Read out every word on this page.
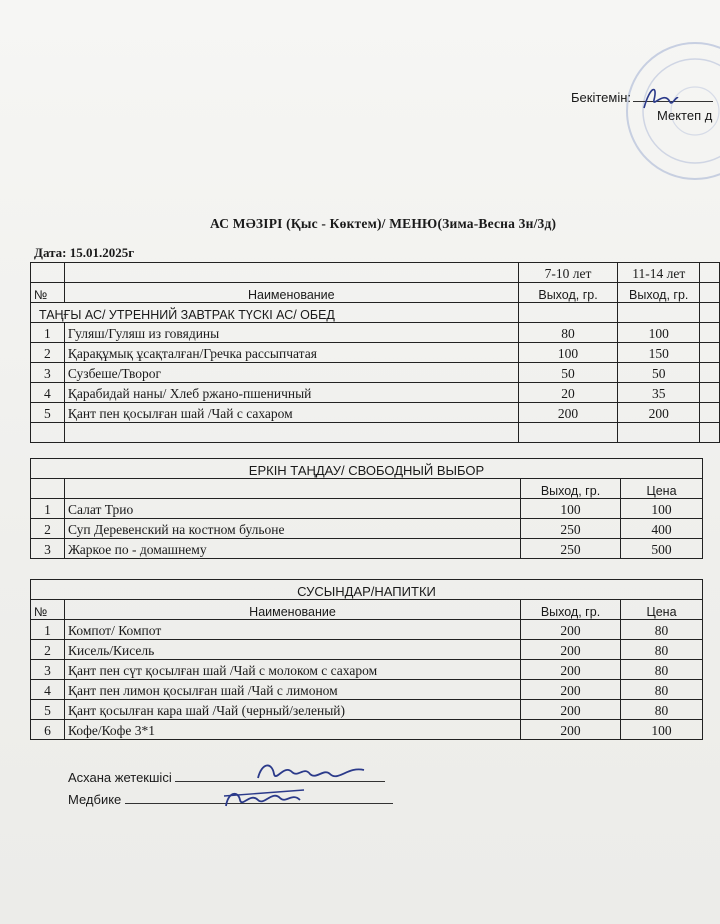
Бекітемін:
Мектеп д
АС МӘЗІРІ (Қыс - Көктем)/ МЕНЮ(Зима-Весна 3н/3д)
Дата: 15.01.2025г
		7-10 лет	11-14 лет	
№	Наименование	Выход, гр.	Выход, гр.	
ТАҢҒЫ АС/ УТРЕННИЙ ЗАВТРАК ТҮСКІ АС/ ОБЕД				
1	Гуляш/Гуляш из говядины	80	100	
2	Қарақұмық ұсақталған/Гречка рассыпчатая	100	150	
3	Сузбеше/Творог	50	50	
4	Қарабидай наны/ Хлеб ржано-пшеничный	20	35	
5	Қант пен қосылған шай /Чай с сахаром	200	200	

ЕРКІН ТАҢДАУ/ СВОБОДНЫЙ ВЫБОР			
		Выход, гр.	Цена
1	Салат Трио	100	100
2	Суп Деревенский на костном бульоне	250	400
3	Жаркое по - домашнему	250	500
СУСЫНДАР/НАПИТКИ			
№	Наименование	Выход, гр.	Цена
1	Компот/ Компот	200	80
2	Кисель/Кисель	200	80
3	Қант пен сүт қосылған шай /Чай с молоком с сахаром	200	80
4	Қант пен лимон қосылған шай /Чай с лимоном	200	80
5	Қант қосылған кара шай /Чай (черный/зеленый)	200	80
6	Кофе/Кофе 3*1	200	100
Асхана жетекшісі
Медбике
